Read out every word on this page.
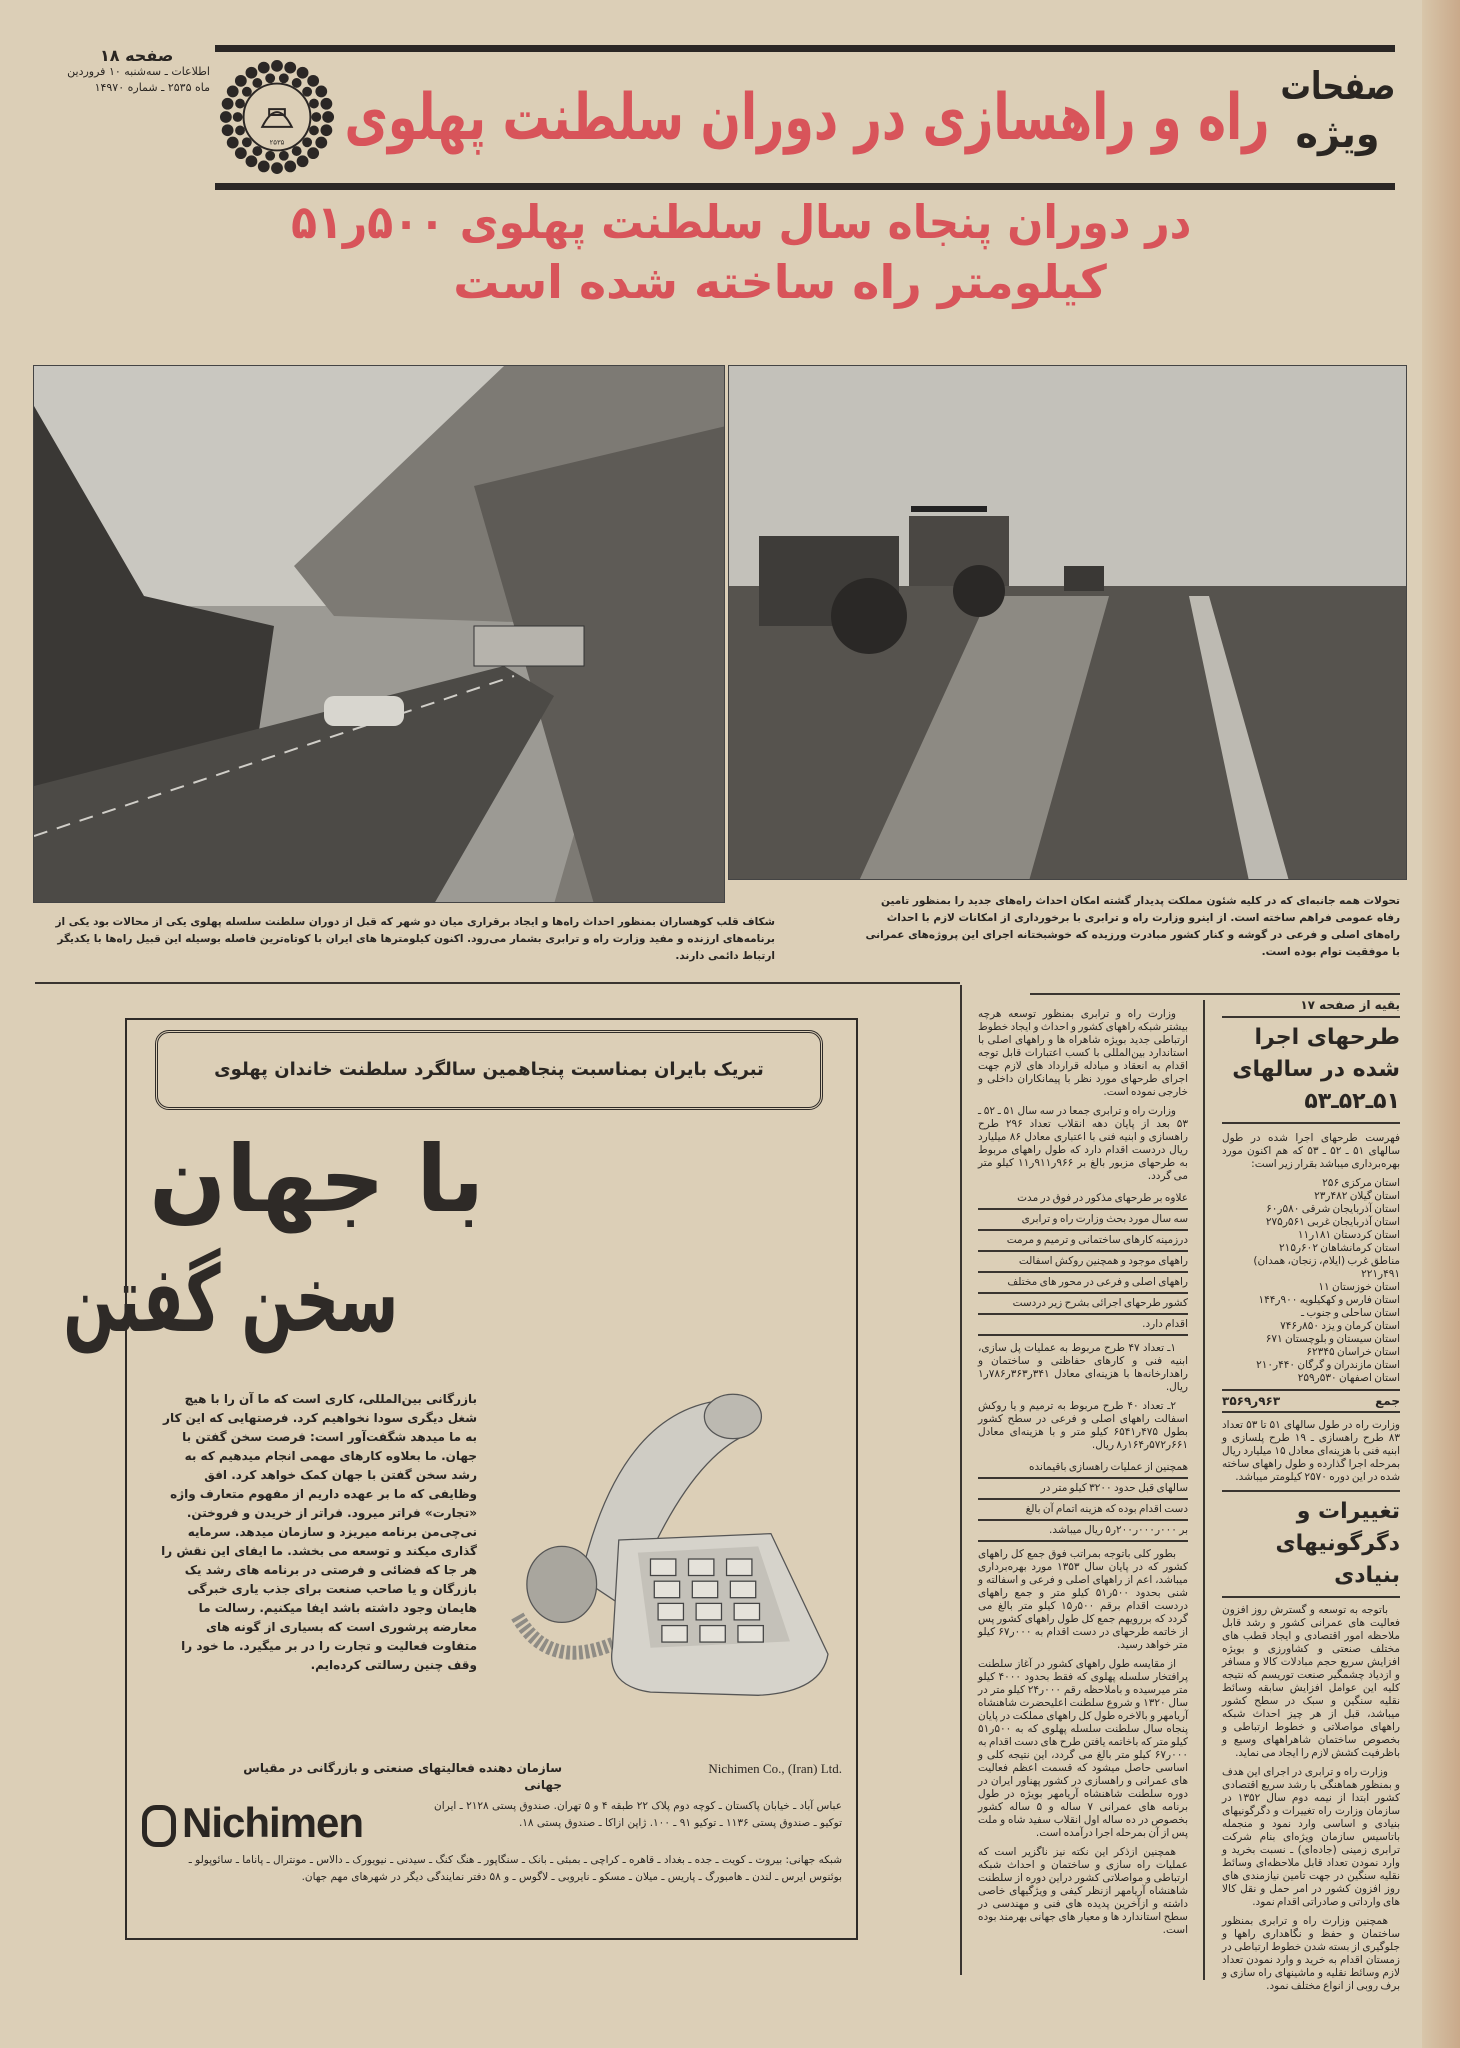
صفحه ۱۸
اطلاعات ـ سه‌شنبه ۱۰ فروردین
ماه ۲۵۳۵ ـ شماره ۱۴۹۷۰
۲۵۳۵ راه و راهسازی در دوران سلطنت پهلوی صفحات
ویژه
در دوران پنجاه سال سلطنت پهلوی ۵۰۰ر۵۱
کیلومتر راه ساخته شده است
شکاف قلب کوهساران بمنظور احداث راه‌ها و ایجاد برقراری میان دو شهر که قبل از دوران سلطنت سلسله پهلوی یکی از محالات بود یکی از برنامه‌های ارزنده و مفید وزارت راه و ترابری بشمار می‌رود. اکنون کیلومترها های ایران با کوتاه‌ترین فاصله بوسیله این قبیل راه‌ها با یکدیگر ارتباط دائمی دارند.
تحولات همه جانبه‌ای که در کلیه شئون مملکت پدیدار گشته امکان احداث راه‌های جدید را بمنظور تامین رفاه عمومی فراهم ساخته است. از اینرو وزارت راه و ترابری با برخورداری از امکانات لازم با احداث راه‌های اصلی و فرعی در گوشه و کنار کشور مبادرت ورزیده که خوشبختانه اجرای این پروژه‌های عمرانی با موفقیت توام بوده است.
بقیه از صفحه ۱۷
طرحهای اجرا شده در سالهای ۵۱ـ۵۲ـ۵۳
فهرست طرحهای اجرا شده در طول سالهای ۵۱ ـ ۵۲ ـ ۵۳ که هم اکنون مورد بهره‌برداری میباشد بقرار زیر است:
استان مرکزی ۲۵۶
استان گیلان ۴۸۲ر۲۳
استان آذربایجان شرقی ۵۸۰ر۶۰
استان آذربایجان غربی ۵۶۱ر۲۷۵
استان کردستان ۱۸۱ر۱۱
استان کرمانشاهان ۶۰۲ر۲۱۵
مناطق غرب (ایلام، زنجان، همدان) ۴۹۱ر۲۲۱
استان خوزستان ۱۱
استان فارس و کهکیلویه ۹۰۰ر۱۴۴
استان ساحلی و جنوب ـ
استان کرمان و یزد ۸۵۰ر۷۴۶
استان سیستان و بلوچستان ۶۷۱
استان خراسان ۶۲۳۴۵
استان مازندران و گرگان ۴۴۰ر۲۱۰
استان اصفهان ۵۳۰ر۲۵۹
جمع
۹۶۳ر۳۵۶۹
وزارت راه در طول سالهای ۵۱ تا ۵۳ تعداد ۸۳ طرح راهسازی ـ ۱۹ طرح پلسازی و ابنیه فنی با هزینه‌ای معادل ۱۵ میلیارد ریال بمرحله اجرا گذارده و طول راههای ساخته شده در این دوره ۲۵۷۰ کیلومتر میباشد.
تغییرات و دگرگونیهای بنیادی

باتوجه به توسعه و گسترش روز افزون فعالیت های عمرانی کشور و رشد قابل ملاحظه امور اقتصادی و ایجاد قطب های مختلف صنعتی و کشاورزی و بویژه افزایش سریع حجم مبادلات کالا و مسافر و ازدیاد چشمگیر صنعت توریسم که نتیجه کلیه این عوامل افزایش سابقه وسائط نقلیه سنگین و سبک در سطح کشور میباشد، قبل از هر چیز احداث شبکه راههای مواصلاتی و خطوط ارتباطی و بخصوص ساختمان شاهراههای وسیع و باظرفیت کشش لازم را ایجاد می نماید.

وزارت راه و ترابری در اجرای این هدف و بمنظور هماهنگی با رشد سریع اقتصادی کشور ابتدا از نیمه دوم سال ۱۳۵۲ در سازمان وزارت راه تغییرات و دگرگونیهای بنیادی و اساسی وارد نمود و منجمله باتاسیس سازمان ویژه‌ای بنام شرکت ترابری زمینی (جاده‌ای) ـ نسبت بخرید و وارد نمودن تعداد قابل ملاحظه‌ای وسائط نقلیه سنگین در جهت تامین نیازمندی های روز افزون کشور در امر حمل و نقل کالا های وارداتی و صادراتی اقدام نمود.

همچنین وزارت راه و ترابری بمنظور ساختمان و حفظ و نگاهداری راهها و جلوگیری از بسته شدن خطوط ارتباطی در زمستان اقدام به خرید و وارد نمودن تعداد لازم وسائط نقلیه و ماشینهای راه سازی و برف روبی از انواع مختلف نمود.

وزارت راه و ترابری بمنظور توسعه هرچه بیشتر شبکه راههای کشور و احداث و ایجاد خطوط ارتباطی جدید بویژه شاهراه ها و راههای اصلی با استاندارد بین‌المللی با کسب اعتبارات قابل توجه اقدام به انعقاد و مبادله قرارداد های لازم جهت اجرای طرحهای مورد نظر با پیمانکاران داخلی و خارجی نموده است.

وزارت راه و ترابری جمعا در سه سال ۵۱ ـ ۵۲ ـ ۵۳ بعد از پایان دهه انقلاب تعداد ۲۹۶ طرح راهسازی و ابنیه فنی با اعتباری معادل ۸۶ میلیارد ریال دردست اقدام دارد که طول راههای مربوط به طرحهای مزبور بالغ بر ۹۶۶ر۹۱۱ر۱۱ کیلو متر می گردد.

علاوه بر طرحهای مذکور در فوق در مدت
سه سال مورد بحث وزارت راه و ترابری
درزمینه کارهای ساختمانی و ترمیم و مرمت
راههای موجود و همچنین روکش اسفالت
راههای اصلی و فرعی در محور های مختلف
کشور طرحهای اجرائی بشرح زیر دردست
اقدام دارد.

۱ـ تعداد ۴۷ طرح مربوط به عملیات پل سازی، ابنیه فنی و کارهای حفاظتی و ساختمان و راهدارخانه‌ها با هزینه‌ای معادل ۳۴۱ر۳۶۳ر۷۸۶ر۱ ریال.

۲ـ تعداد ۴۰ طرح مربوط به ترمیم و یا روکش اسفالت راههای اصلی و فرعی در سطح کشور بطول ۴۷۵ر۶۵۴۱ کیلو متر و با هزینه‌ای معادل ۶۶۱ر۵۷۲ر۱۶۴ر۸ ریال.

همچنین از عملیات راهسازی باقیمانده
سالهای قبل حدود ۳۲۰۰ کیلو متر در
دست اقدام بوده که هزینه اتمام آن بالغ
بر ۰۰۰ر۰۰۰ر۲۰۰ر۵ ریال میباشد.

بطور کلی باتوجه بمراتب فوق جمع کل راههای کشور که در پایان سال ۱۳۵۳ مورد بهره‌برداری میباشد، اعم از راههای اصلی و فرعی و اسفالته و شنی بحدود ۵۰۰ر۵۱ کیلو متر و جمع راههای دردست اقدام برقم ۵۰۰ر۱۵ کیلو متر بالغ می گردد که بررویهم جمع کل طول راههای کشور پس از خاتمه طرحهای در دست اقدام به ۰۰۰ر۶۷ کیلو متر خواهد رسید.

از مقایسه طول راههای کشور در آغاز سلطنت پرافتخار سلسله پهلوی که فقط بحدود ۴۰۰۰ کیلو متر میرسیده و باملاحظه رقم ۰۰۰ر۲۴ کیلو متر در سال ۱۳۲۰ و شروع سلطنت اعلیحضرت شاهنشاه آریامهر و بالاخره طول کل راههای مملکت در پایان پنجاه سال سلطنت سلسله پهلوی که به ۵۰۰ر۵۱ کیلو متر که باخاتمه یافتن طرح های دست اقدام به ۰۰۰ر۶۷ کیلو متر بالغ می گردد، این نتیجه کلی و اساسی حاصل میشود که قسمت اعظم فعالیت های عمرانی و راهسازی در کشور پهناور ایران در دوره سلطنت شاهنشاه آریامهر بویژه در طول برنامه های عمرانی ۷ ساله و ۵ ساله کشور بخصوص در ده ساله اول انقلاب سفید شاه و ملت پس از آن بمرحله اجرا درآمده است.

همچنین ازذکر این نکته نیز ناگزیر است که عملیات راه سازی و ساختمان و احداث شبکه ارتباطی و مواصلاتی کشور دراین دوره از سلطنت شاهنشاه آریامهر ازنظر کیفی و ویژگیهای خاصی داشته و ازآخرین پدیده های فنی و مهندسی در سطح استاندارد ها و معیار های جهانی بهرمند بوده است.

تبریک بایران بمناسبت پنجاهمین سالگرد سلطنت خاندان پهلوی
با جهان
سخن گفتن
بازرگانی بین‌المللی، کاری است که ما آن را با هیچ شغل دیگری سودا نخواهیم کرد. فرصتهایی که این کار به ما میدهد شگفت‌آور است: فرصت سخن گفتن با جهان. ما بعلاوه کارهای مهمی انجام میدهیم که به رشد سخن گفتن با جهان کمک خواهد کرد. افق وظایفی که ما بر عهده داریم از مفهوم متعارف واژه «تجارت» فراتر میرود. فراتر از خریدن و فروختن. نی‌چی‌من برنامه میریزد و سازمان میدهد. سرمایه گذاری میکند و توسعه می بخشد. ما ایفای این نقش را هر جا که فضائی و فرصتی در برنامه های رشد یک بازرگان و یا صاحب صنعت برای جذب یاری خبرگی هایمان وجود داشته باشد ایفا میکنیم. رسالت ما معارضه پرشوری است که بسیاری از گونه های متفاوت فعالیت و تجارت را در بر میگیرد. ما خود را وقف چنین رسالتی کرده‌ایم.
سازمان دهنده فعالیتهای صنعتی و بازرگانی در مقیاس جهانی
Nichimen Co., (Iran) Ltd.
Nichimen	عباس آباد ـ خیابان پاکستان ـ کوچه دوم پلاک ۲۲ طبقه ۴ و ۵ تهران. صندوق پستی ۲۱۲۸ ـ ایران
توکیو ـ صندوق پستی ۱۱۳۶ ـ توکیو ۹۱ ـ ۱۰۰. ژاپن ازاکا ـ صندوق پستی ۱۸.
شبکه جهانی: بیروت ـ کویت ـ جده ـ بغداد ـ قاهره ـ کراچی ـ بمبئی ـ بانک ـ سنگاپور ـ هنگ کنگ ـ سیدنی ـ نیویورک ـ دالاس ـ مونترال ـ پاناما ـ سائوپولو ـ
بوئنوس ایرس ـ لندن ـ هامبورگ ـ پاریس ـ میلان ـ مسکو ـ نایروبی ـ لاگوس ـ و ۵۸ دفتر نمایندگی دیگر در شهرهای مهم جهان.
